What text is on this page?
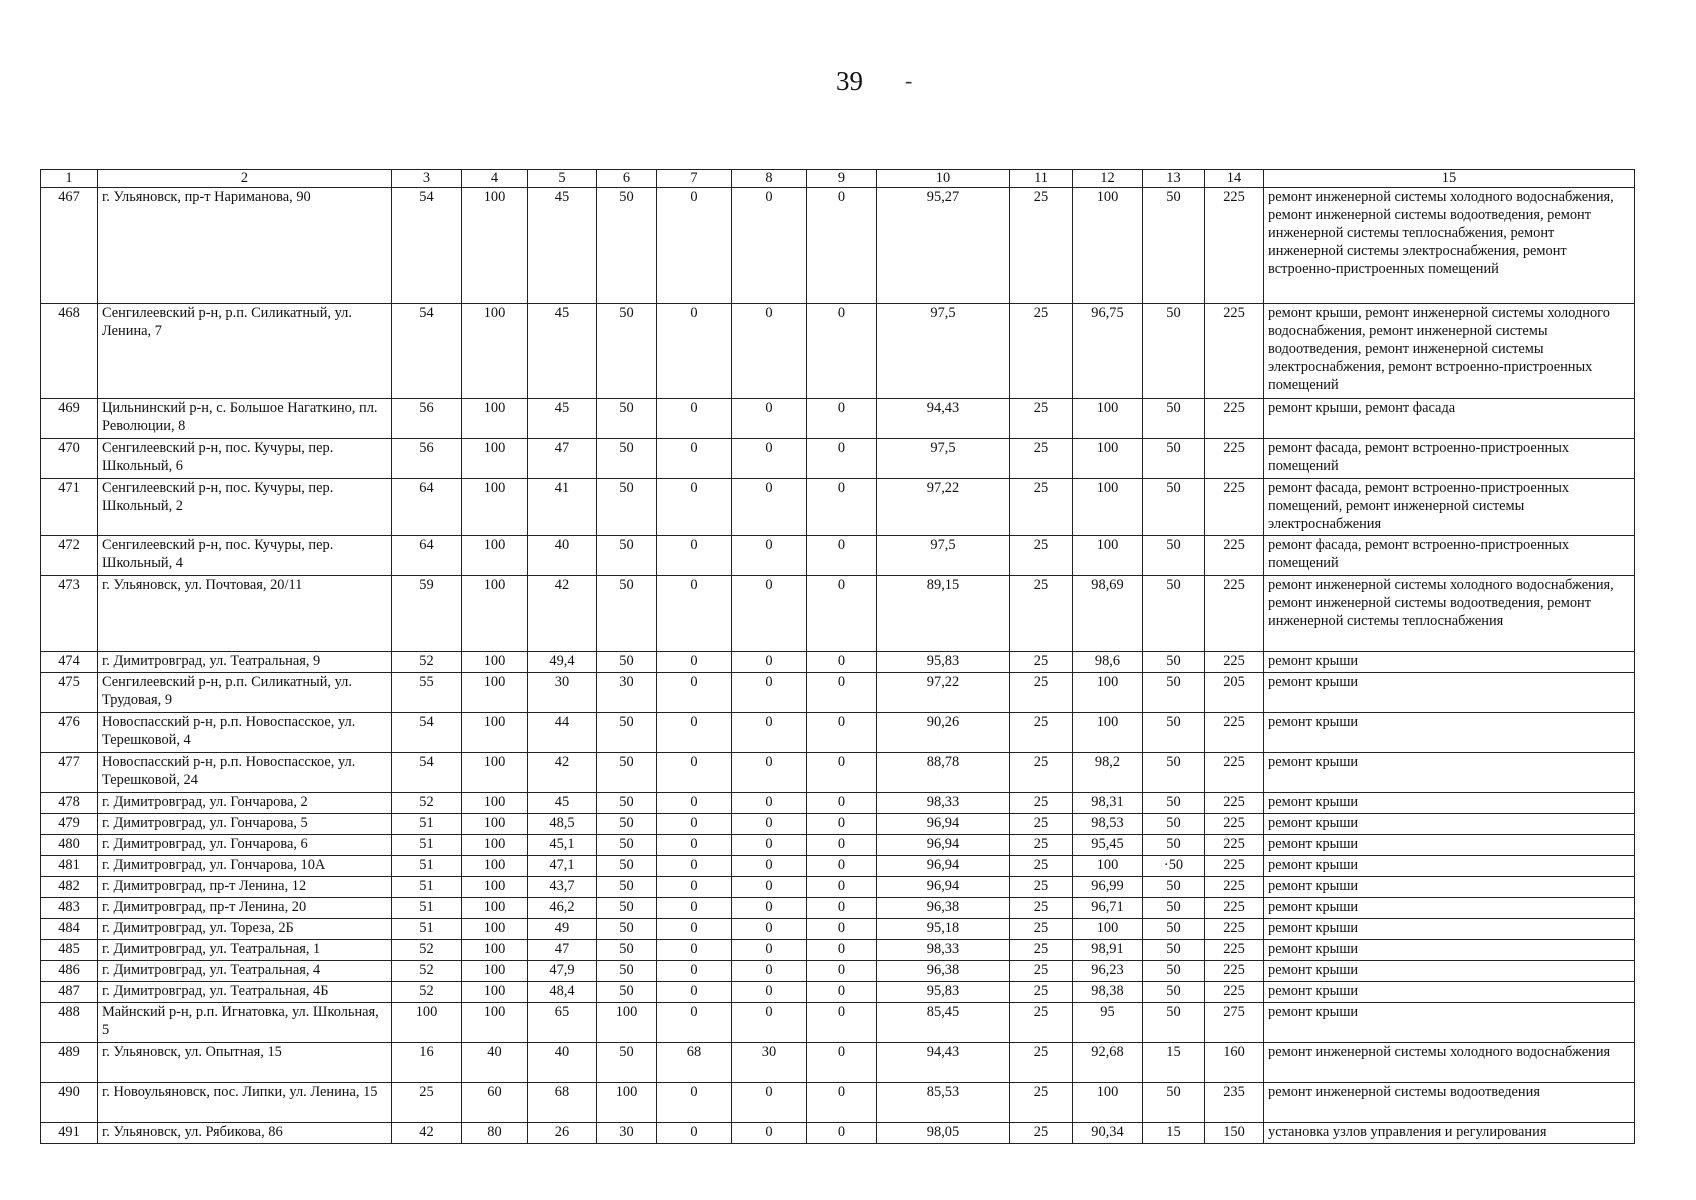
39 -
1	2	3	4	5	6	7	8	9	10	11	12	13	14	15
467	г. Ульяновск, пр-т Нариманова, 90	54	100	45	50	0	0	0	95,27	25	100	50	225	ремонт инженерной системы холодного водоснабжения, ремонт инженерной системы водоотведения, ремонт инженерной системы теплоснабжения, ремонт инженерной системы электроснабжения, ремонт встроенно-пристроенных помещений
468	Сенгилеевский р-н, р.п. Силикатный, ул. Ленина, 7	54	100	45	50	0	0	0	97,5	25	96,75	50	225	ремонт крыши, ремонт инженерной системы холодного водоснабжения, ремонт инженерной системы водоотведения, ремонт инженерной системы электроснабжения, ремонт встроенно-пристроенных помещений
469	Цильнинский р-н, с. Большое Нагаткино, пл. Революции, 8	56	100	45	50	0	0	0	94,43	25	100	50	225	ремонт крыши, ремонт фасада
470	Сенгилеевский р-н, пос. Кучуры, пер. Школьный, 6	56	100	47	50	0	0	0	97,5	25	100	50	225	ремонт фасада, ремонт встроенно-пристроенных помещений
471	Сенгилеевский р-н, пос. Кучуры, пер. Школьный, 2	64	100	41	50	0	0	0	97,22	25	100	50	225	ремонт фасада, ремонт встроенно-пристроенных помещений, ремонт инженерной системы электроснабжения
472	Сенгилеевский р-н, пос. Кучуры, пер. Школьный, 4	64	100	40	50	0	0	0	97,5	25	100	50	225	ремонт фасада, ремонт встроенно-пристроенных помещений
473	г. Ульяновск, ул. Почтовая, 20/11	59	100	42	50	0	0	0	89,15	25	98,69	50	225	ремонт инженерной системы холодного водоснабжения, ремонт инженерной системы водоотведения, ремонт инженерной системы теплоснабжения
474	г. Димитровград, ул. Театральная, 9	52	100	49,4	50	0	0	0	95,83	25	98,6	50	225	ремонт крыши
475	Сенгилеевский р-н, р.п. Силикатный, ул. Трудовая, 9	55	100	30	30	0	0	0	97,22	25	100	50	205	ремонт крыши
476	Новоспасский р-н, р.п. Новоспасское, ул. Терешковой, 4	54	100	44	50	0	0	0	90,26	25	100	50	225	ремонт крыши
477	Новоспасский р-н, р.п. Новоспасское, ул. Терешковой, 24	54	100	42	50	0	0	0	88,78	25	98,2	50	225	ремонт крыши
478	г. Димитровград, ул. Гончарова, 2	52	100	45	50	0	0	0	98,33	25	98,31	50	225	ремонт крыши
479	г. Димитровград, ул. Гончарова, 5	51	100	48,5	50	0	0	0	96,94	25	98,53	50	225	ремонт крыши
480	г. Димитровград, ул. Гончарова, 6	51	100	45,1	50	0	0	0	96,94	25	95,45	50	225	ремонт крыши
481	г. Димитровград, ул. Гончарова, 10А	51	100	47,1	50	0	0	0	96,94	25	100	·50	225	ремонт крыши
482	г. Димитровград, пр-т Ленина, 12	51	100	43,7	50	0	0	0	96,94	25	96,99	50	225	ремонт крыши
483	г. Димитровград, пр-т Ленина, 20	51	100	46,2	50	0	0	0	96,38	25	96,71	50	225	ремонт крыши
484	г. Димитровград, ул. Тореза, 2Б	51	100	49	50	0	0	0	95,18	25	100	50	225	ремонт крыши
485	г. Димитровград, ул. Театральная, 1	52	100	47	50	0	0	0	98,33	25	98,91	50	225	ремонт крыши
486	г. Димитровград, ул. Театральная, 4	52	100	47,9	50	0	0	0	96,38	25	96,23	50	225	ремонт крыши
487	г. Димитровград, ул. Театральная, 4Б	52	100	48,4	50	0	0	0	95,83	25	98,38	50	225	ремонт крыши
488	Майнский р-н, р.п. Игнатовка, ул. Школьная, 5	100	100	65	100	0	0	0	85,45	25	95	50	275	ремонт крыши
489	г. Ульяновск, ул. Опытная, 15	16	40	40	50	68	30	0	94,43	25	92,68	15	160	ремонт инженерной системы холодного водоснабжения
490	г. Новоульяновск, пос. Липки, ул. Ленина, 15	25	60	68	100	0	0	0	85,53	25	100	50	235	ремонт инженерной системы водоотведения
491	г. Ульяновск, ул. Рябикова, 86	42	80	26	30	0	0	0	98,05	25	90,34	15	150	установка узлов управления и регулирования
